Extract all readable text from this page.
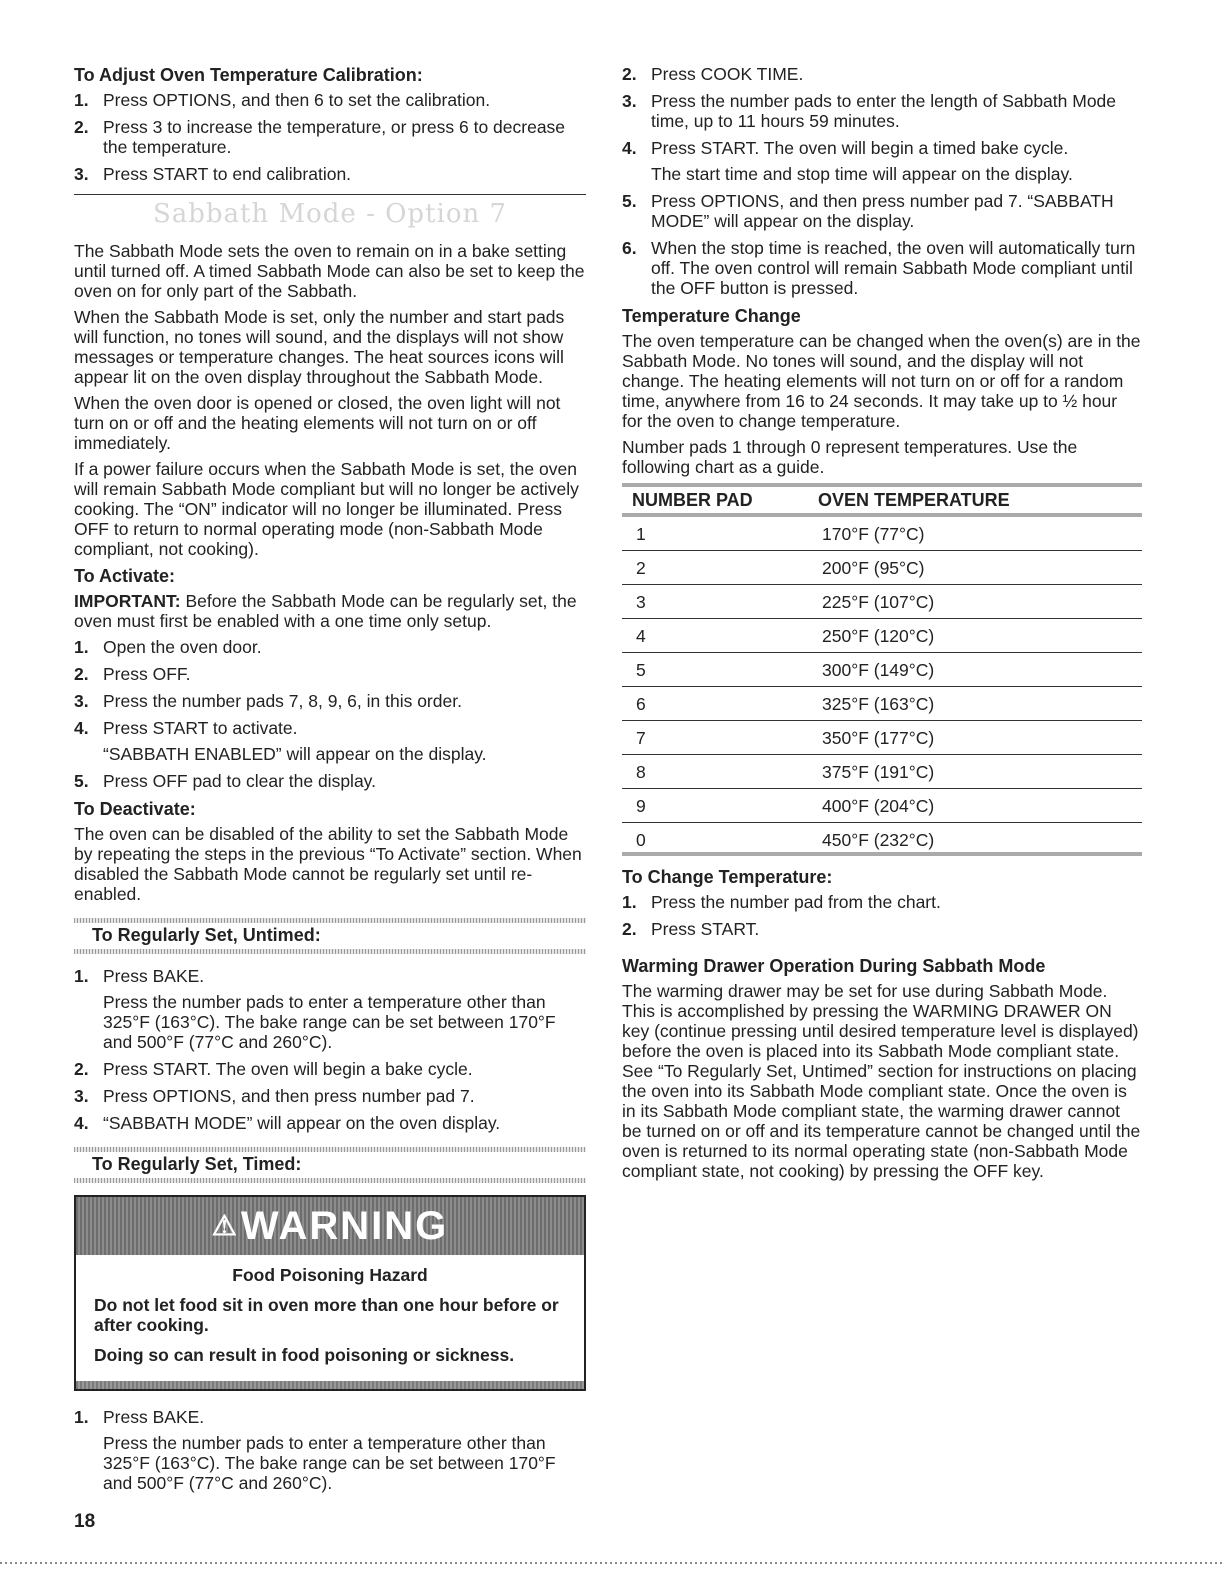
To Adjust Oven Temperature Calibration:
1. Press OPTIONS, and then 6 to set the calibration.
2. Press 3 to increase the temperature, or press 6 to decrease the temperature.
3. Press START to end calibration.
Sabbath Mode - Option 7

The Sabbath Mode sets the oven to remain on in a bake setting until turned off. A timed Sabbath Mode can also be set to keep the oven on for only part of the Sabbath.

When the Sabbath Mode is set, only the number and start pads will function, no tones will sound, and the displays will not show messages or temperature changes. The heat sources icons will appear lit on the oven display throughout the Sabbath Mode.

When the oven door is opened or closed, the oven light will not turn on or off and the heating elements will not turn on or off immediately.

If a power failure occurs when the Sabbath Mode is set, the oven will remain Sabbath Mode compliant but will no longer be actively cooking. The “ON” indicator will no longer be illuminated. Press OFF to return to normal operating mode (non-Sabbath Mode compliant, not cooking).

To Activate:

IMPORTANT: Before the Sabbath Mode can be regularly set, the oven must first be enabled with a one time only setup.

1. Open the oven door.
2. Press OFF.
3. Press the number pads 7, 8, 9, 6, in this order.
4. Press START to activate.
“SABBATH ENABLED” will appear on the display.
5. Press OFF pad to clear the display.
To Deactivate:

The oven can be disabled of the ability to set the Sabbath Mode by repeating the steps in the previous “To Activate” section. When disabled the Sabbath Mode cannot be regularly set until re-enabled.

To Regularly Set, Untimed:
1. Press BAKE.
Press the number pads to enter a temperature other than 325°F (163°C). The bake range can be set between 170°F and 500°F (77°C and 260°C).
2. Press START. The oven will begin a bake cycle.
3. Press OPTIONS, and then press number pad 7.
4. “SABBATH MODE” will appear on the oven display.
To Regularly Set, Timed:
⚠WARNING

Food Poisoning Hazard

Do not let food sit in oven more than one hour before or after cooking.

Doing so can result in food poisoning or sickness.

1. Press BAKE.
Press the number pads to enter a temperature other than 325°F (163°C). The bake range can be set between 170°F and 500°F (77°C and 260°C).
2. Press COOK TIME.
3. Press the number pads to enter the length of Sabbath Mode time, up to 11 hours 59 minutes.
4. Press START. The oven will begin a timed bake cycle.
The start time and stop time will appear on the display.
5. Press OPTIONS, and then press number pad 7. “SABBATH MODE” will appear on the display.
6. When the stop time is reached, the oven will automatically turn off. The oven control will remain Sabbath Mode compliant until the OFF button is pressed.
Temperature Change

The oven temperature can be changed when the oven(s) are in the Sabbath Mode. No tones will sound, and the display will not change. The heating elements will not turn on or off for a random time, anywhere from 16 to 24 seconds. It may take up to ½ hour for the oven to change temperature.

Number pads 1 through 0 represent temperatures. Use the following chart as a guide.

NUMBER PAD	OVEN TEMPERATURE
1	170°F (77°C)
2	200°F (95°C)
3	225°F (107°C)
4	250°F (120°C)
5	300°F (149°C)
6	325°F (163°C)
7	350°F (177°C)
8	375°F (191°C)
9	400°F (204°C)
0	450°F (232°C)
To Change Temperature:
1. Press the number pad from the chart.
2. Press START.
Warming Drawer Operation During Sabbath Mode

The warming drawer may be set for use during Sabbath Mode. This is accomplished by pressing the WARMING DRAWER ON key (continue pressing until desired temperature level is displayed) before the oven is placed into its Sabbath Mode compliant state. See “To Regularly Set, Untimed” section for instructions on placing the oven into its Sabbath Mode compliant state. Once the oven is in its Sabbath Mode compliant state, the warming drawer cannot be turned on or off and its temperature cannot be changed until the oven is returned to its normal operating state (non-Sabbath Mode compliant state, not cooking) by pressing the OFF key.

18
